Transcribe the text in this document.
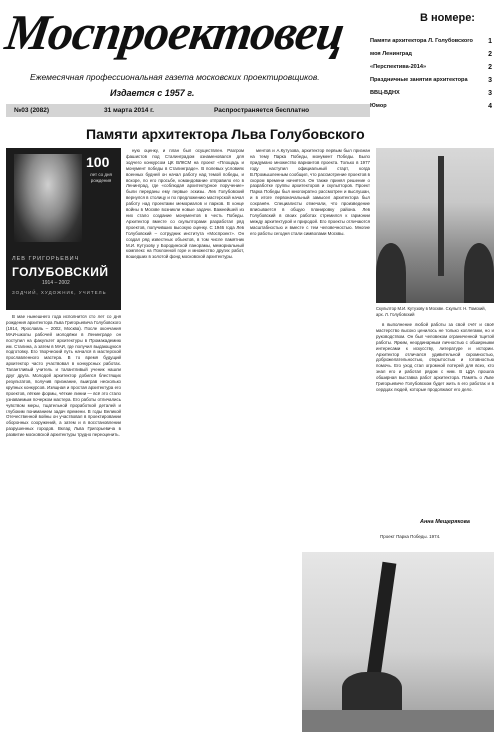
Моспроектовец
Ежемесячная профессиональная газета московских проектировщиков.
Издается с 1957 г.
В номере:
Памяти архитектора Л. Голубовского 1
моя Ленинград	2
«Перспектива-2014»	2
Праздничные занятия архитектора	3
ВВЦ-ВДНХ	3
Юмор	4
№03 (2082)	31 марта 2014 г.	Распространяется бесплатно
Памяти архитектора Льва Голубовского
100
лет со дня рождения
ЛЕВ ГРИГОРЬЕВИЧ
ГОЛУБОВСКИЙ
1914 – 2002
ЗОДЧИЙ, ХУДОЖНИК, УЧИТЕЛЬ

В мае нынешнего года исполнится сто лет со дня рождения архитектора Льва Григорьевича Голубовского (1914, Ярославль – 2002, Москва). После окончания МАИ-школы рабочей молодёжи в Ленинграде он поступил на факультет архитектуры в Промакадемию им. Сталина, а затем в МАИ, где получил выдающуюся подготовку. Его творческий путь начался в мастерской прославленного мастера. В то время будущий архитектор часто участвовал в конкурсных работах. Талантливый учитель и талантливый ученик нашли друг друга. Молодой архитектор добился блестящих результатов, получив признание, выиграв несколько крупных конкурсов. Изящная и простая архитектура его проектов, лёгкие формы, чёткие линии — всё это стало узнаваемым почерком мастера. Его работы отличались чувством меры, тщательной проработкой деталей и глубоким пониманием задач времени. В годы Великой Отечественной войны он участвовал в проектировании оборонных сооружений, а затем и в восстановлении разрушенных городов. Вклад Льва Григорьевича в развитие московской архитектуры трудно переоценить.

ную оценку, и план был осуществлен. Разгром фашистов под Сталинградом ознаменовался для зодчего конкурсом ЦК ВЛКСМ на проект «Площадь и монумент победы в Сталинграде». В полевых условиях военных будней он начал работу над темой победы, и вскоре, по его просьбе, командование отправило его в Ленинград, где «соблюдая архитектурное поручение» были переданы ему первые эскизы. Лев Голубовский вернулся в столицу и по предложению мастерской начал работу над проектами мемориалов и парков. В конце войны в Москве возникли новые задачи. Важнейшей из них стало создание монументов в честь Победы. Архитектор вместе со скульпторами разработал ряд проектов, получивших высокую оценку. С 1946 года Лев Голубовский – сотрудник института «Моспроект». Он создал ряд известных объектов, в том числе памятник М.И. Кутузову у Бородинской панорамы, мемориальный комплекс на Поклонной горе и множество других работ, вошедших в золотой фонд московской архитектуры.

ментов и А.Кутузова, архитектор первым был признан на тему Парка Победы, монумент Победы. Было придумано множество вариантов проекта. Только в 1977 году наступил официальный старт, когда В.Промышленным сообщил, что рассмотрение проектов в скором времени начнётся. Он также принял решение о разработке группы архитекторов и скульпторов. Проект Парка Победы был многократно рассмотрен и выслушан, и в итоге первоначальный замысел архитектора был сохранён. Специалисты отмечали, что произведение вписывается в общую планировку района. Лев Голубовский в своих работах стремился к гармонии между архитектурой и природой. Его проекты отличаются масштабностью и вместе с тем человечностью. Многие его работы сегодня стали символами Москвы.

в выполнение любой работы за свой счёт и своё мастерство высоко ценилось не только коллегами, но и руководством. Он был человеком ограниченной тщетой работы. Ярким, неординарным личностью с обширными интересами к искусству, литературе и истории. Архитектор отличался удивительной скромностью, доброжелательностью, открытостью и готовностью помочь. Его уход стал огромной потерей для всех, кто знал его и работал рядом с ним. В ЦДА прошла обширная выставка работ архитектора. Память о Льве Григорьевиче Голубовском будет жить в его работах и в сердцах людей, которые продолжают его дело.

Скульптор М.И. Кутузову в Москве. Скульпт. Н. Томский, арх. Л. Голубовский
Анна Мещерякова
Проект Парка Победы. 1974.
